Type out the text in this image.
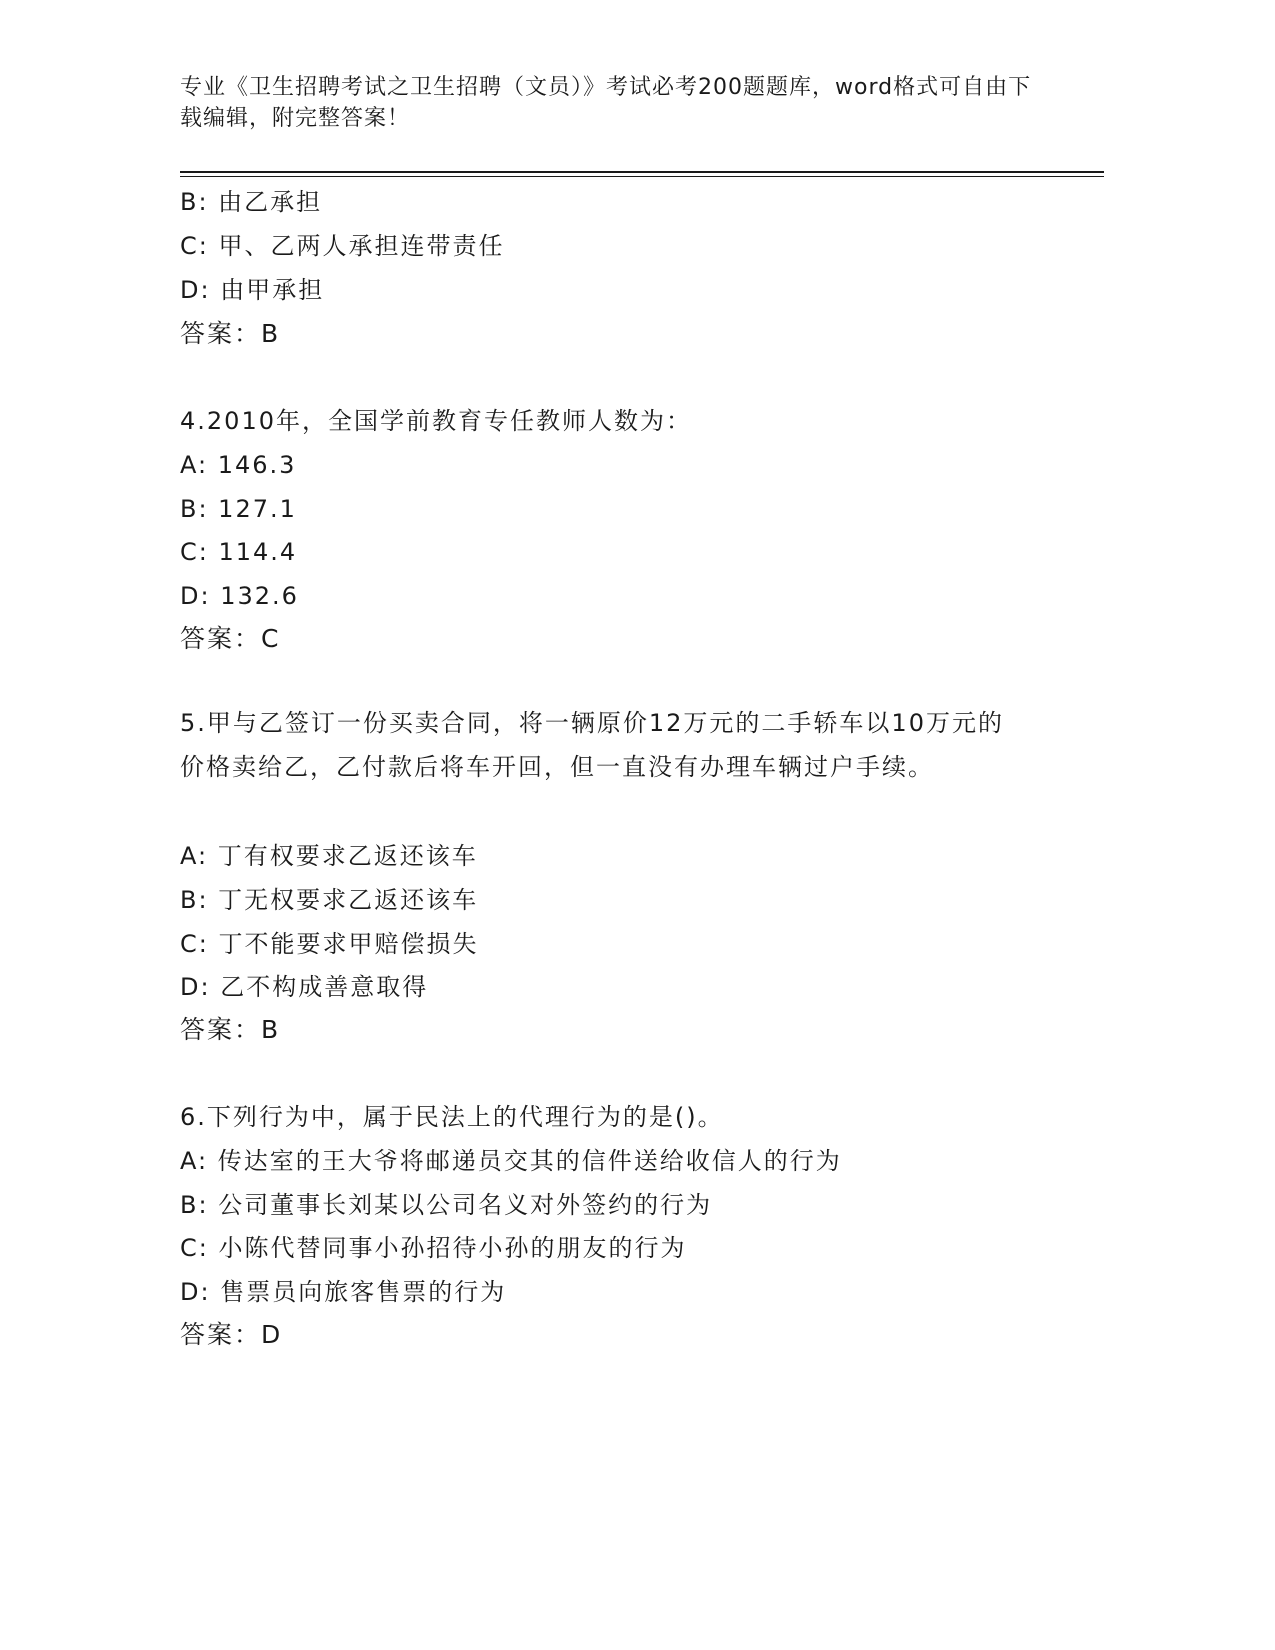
专业《卫生招聘考试之卫生招聘（文员）》考试必考200题题库，word格式可自由下载编辑，附完整答案！
B: 由乙承担
C: 甲、乙两人承担连带责任
D: 由甲承担
答案：B
4.2010年，全国学前教育专任教师人数为：
A: 146.3
B: 127.1
C: 114.4
D: 132.6
答案：C
5.甲与乙签订一份买卖合同，将一辆原价12万元的二手轿车以10万元的价格卖给乙，乙付款后将车开回，但一直没有办理车辆过户手续。
A: 丁有权要求乙返还该车
B: 丁无权要求乙返还该车
C: 丁不能要求甲赔偿损失
D: 乙不构成善意取得
答案：B
6.下列行为中，属于民法上的代理行为的是()。
A: 传达室的王大爷将邮递员交其的信件送给收信人的行为
B: 公司董事长刘某以公司名义对外签约的行为
C: 小陈代替同事小孙招待小孙的朋友的行为
D: 售票员向旅客售票的行为
答案：D
